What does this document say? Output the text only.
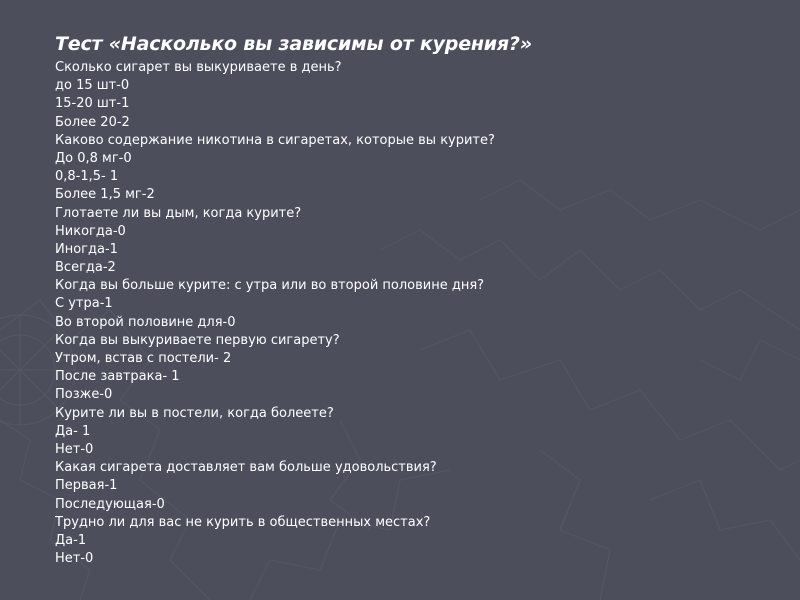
Тест «Насколько вы зависимы от курения?»
Сколько сигарет вы выкуриваете в день?
до 15 шт-0
15-20 шт-1
Более 20-2
Каково содержание никотина в сигаретах, которые вы курите?
До 0,8 мг-0
0,8-1,5- 1
Более 1,5 мг-2
Глотаете ли вы дым, когда курите?
Никогда-0
Иногда-1
Всегда-2
Когда вы больше курите: с утра или во второй половине дня?
С утра-1
Во второй половине для-0
Когда вы выкуриваете первую сигарету?
Утром, встав с постели- 2
После завтрака- 1
Позже-0
Курите ли вы в постели, когда болеете?
Да- 1
Нет-0
Какая сигарета доставляет вам больше удовольствия?
Первая-1
Последующая-0
Трудно ли для вас не курить в общественных местах?
Да-1
Нет-0
